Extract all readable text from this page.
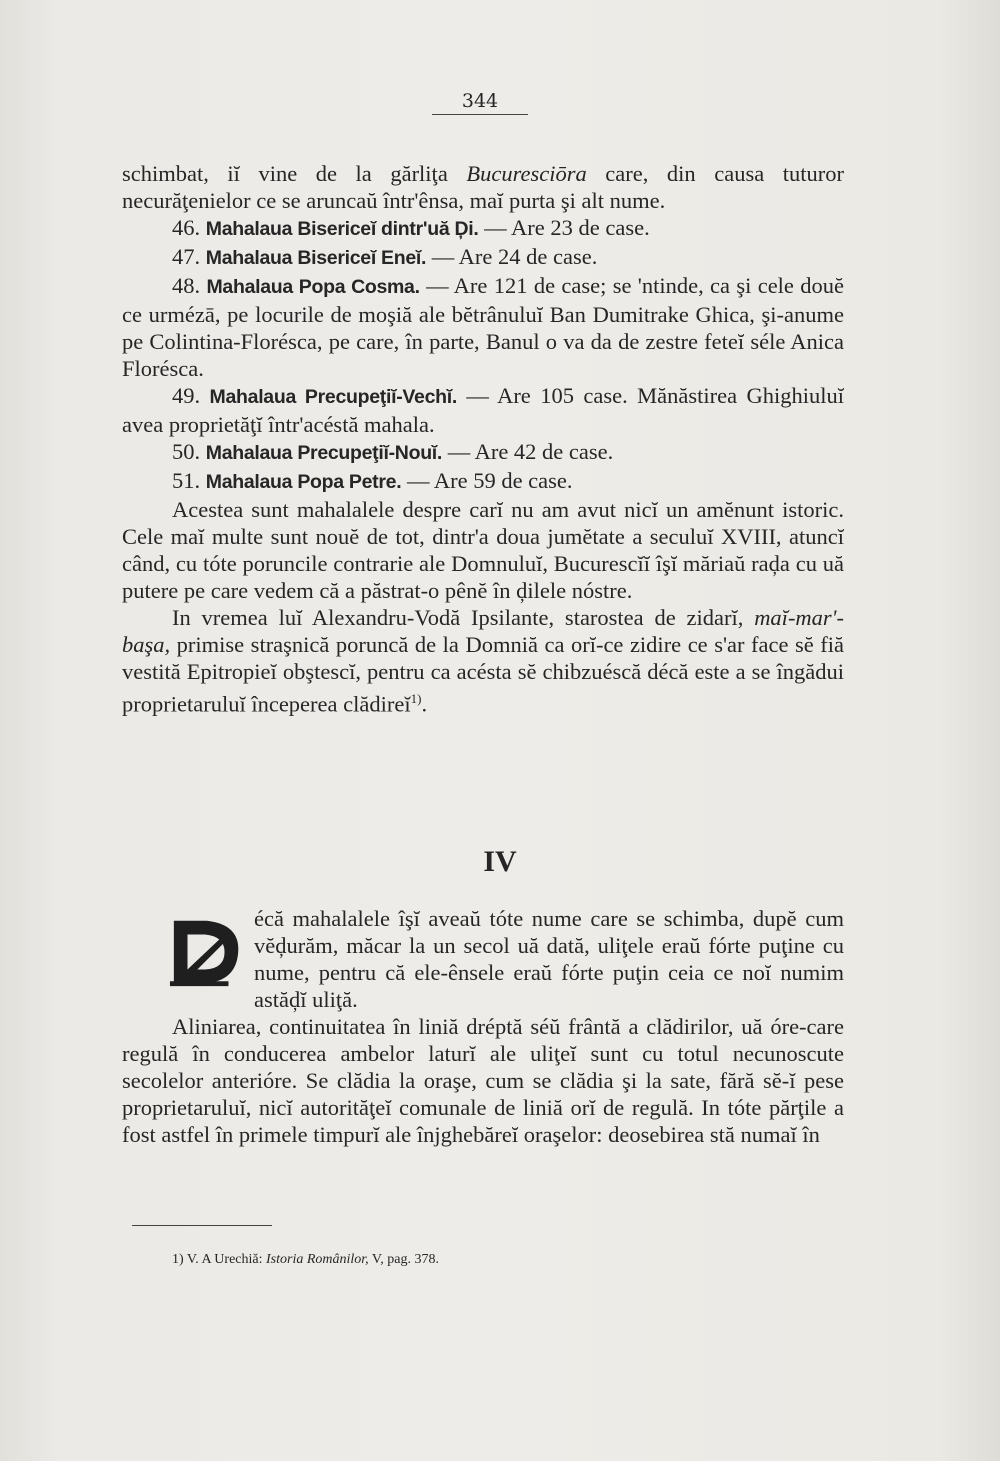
344

schimbat, iĭ vine de la gărliţa Bucuresciōra care, din causa tuturor necurăţenielor ce se aruncaŭ într'ênsa, maĭ purta şi alt nume.

46. Mahalaua Bisericeĭ dintr'uă Ḑi. — Are 23 de case.

47. Mahalaua Bisericeĭ Eneĭ. — Are 24 de case.

48. Mahalaua Popa Cosma. — Are 121 de case; se 'ntinde, ca şi cele douĕ ce urmézā, pe locurile de moşiă ale bĕtrânuluĭ Ban Dumitrake Ghica, şi-anume pe Colintina-Florésca, pe care, în parte, Banul o va da de zestre feteĭ séle Anica Florésca.

49. Mahalaua Precupeţiĭ-Vechĭ. — Are 105 case. Mănăstirea Ghighiuluĭ avea proprietăţĭ într'acéstă mahala.

50. Mahalaua Precupeţiĭ-Nouĭ. — Are 42 de case.

51. Mahalaua Popa Petre. — Are 59 de case.

Acestea sunt mahalalele despre carĭ nu am avut nicĭ un amĕnunt istoric. Cele maĭ multe sunt nouĕ de tot, dintr'a doua jumĕtate a seculuĭ XVIII, atuncĭ când, cu tóte poruncile contrarie ale Domnuluĭ, Bucurescĭĭ îşĭ măriaŭ raḑa cu uă putere pe care vedem că a păstrat-o pênĕ în ḑilele nóstre.

In vremea luĭ Alexandru-Vodă Ipsilante, starostea de zidarĭ, maĭ-mar'-başa, primise straşnică poruncă de la Domniă ca orĭ-ce zidire ce s'ar face sĕ fiă vestită Epitropieĭ obştescĭ, pentru ca acésta sĕ chibzuéscă décă este a se îngădui proprietaruluĭ începerea clădireĭ$^{1)}$.

IV

écă mahalalele îşĭ aveaŭ tóte nume care se schimba, dupĕ cum vĕḑurăm, măcar la un secol uă dată, uliţele eraŭ fórte puţine cu nume, pentru că ele-ênsele eraŭ fórte puţin ceia ce noĭ numim astăḑĭ uliţă.

Aliniarea, continuitatea în liniă dréptă séŭ frântă a clădirilor, uă óre-care regulă în conducerea ambelor laturĭ ale uliţeĭ sunt cu totul necunoscute secolelor anterióre. Se clădia la oraşe, cum se clădia şi la sate, fără sĕ-ĭ pese proprietaruluĭ, nicĭ autorităţeĭ comunale de liniă orĭ de regulă. In tóte părţile a fost astfel în primele timpurĭ ale înjghebăreĭ oraşelor: deosebirea stă numaĭ în

1) V. A Urechiă: Istoria Românilor, V, pag. 378.
